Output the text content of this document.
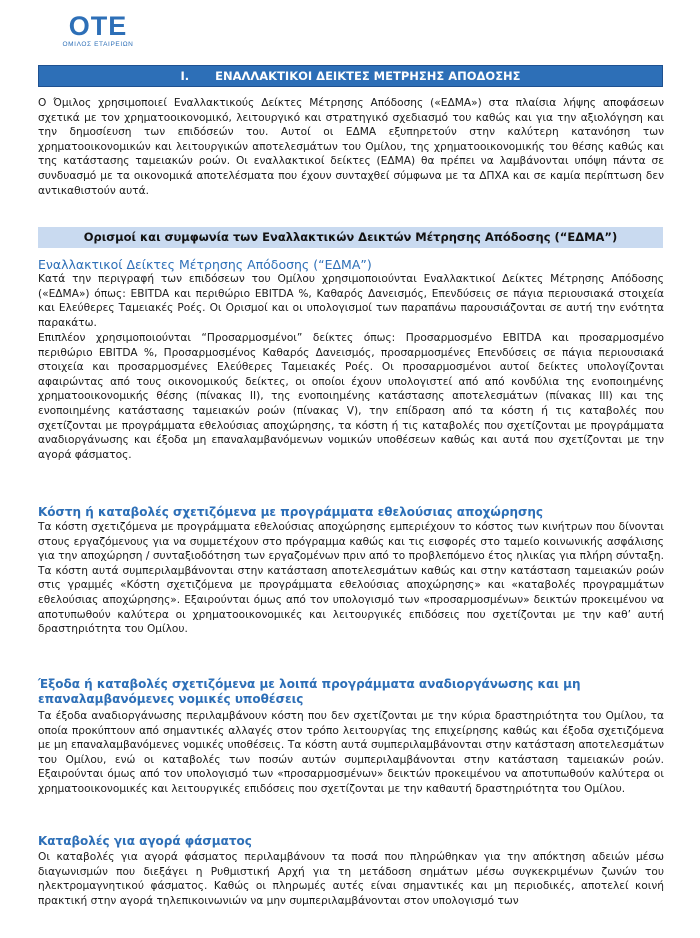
ΟΤΕ
ΟΜΙΛΟΣ ΕΤΑΙΡΕΙΩΝ
I. ΕΝΑΛΛΑΚΤΙΚΟΙ ΔΕΙΚΤΕΣ ΜΕΤΡΗΣΗΣ ΑΠΟΔΟΣΗΣ

Ο Όμιλος χρησιμοποιεί Εναλλακτικούς Δείκτες Μέτρησης Απόδοσης («ΕΔΜΑ») στα πλαίσια λήψης αποφάσεων σχετικά με τον χρηματοοικονομικό, λειτουργικό και στρατηγικό σχεδιασμό του καθώς και για την αξιολόγηση και την δημοσίευση των επιδόσεών του. Αυτοί οι ΕΔΜΑ εξυπηρετούν στην καλύτερη κατανόηση των χρηματοοικονομικών και λειτουργικών αποτελεσμάτων του Ομίλου, της χρηματοοικονομικής του θέσης καθώς και της κατάστασης ταμειακών ροών. Οι εναλλακτικοί δείκτες (ΕΔΜΑ) θα πρέπει να λαμβάνονται υπόψη πάντα σε συνδυασμό με τα οικονομικά αποτελέσματα που έχουν συνταχθεί σύμφωνα με τα ΔΠΧΑ και σε καμία περίπτωση δεν αντικαθιστούν αυτά.

Ορισμοί και συμφωνία των Εναλλακτικών Δεικτών Μέτρησης Απόδοσης (“ΕΔΜΑ”)

Εναλλακτικοί Δείκτες Μέτρησης Απόδοσης (“ΕΔΜΑ”)

Κατά την περιγραφή των επιδόσεων του Ομίλου χρησιμοποιούνται Εναλλακτικοί Δείκτες Μέτρησης Απόδοσης («ΕΔΜΑ») όπως: EBITDA και περιθώριο EBITDA %, Καθαρός Δανεισμός, Επενδύσεις σε πάγια περιουσιακά στοιχεία και Ελεύθερες Ταμειακές Ροές. Οι Ορισμοί και οι υπολογισμοί των παραπάνω παρουσιάζονται σε αυτή την ενότητα παρακάτω.

Επιπλέον χρησιμοποιούνται “Προσαρμοσμένοι” δείκτες όπως: Προσαρμοσμένο EBITDA και προσαρμοσμένο περιθώριο EBITDA %, Προσαρμοσμένος Καθαρός Δανεισμός, προσαρμοσμένες Επενδύσεις σε πάγια περιουσιακά στοιχεία και προσαρμοσμένες Ελεύθερες Ταμειακές Ροές. Οι προσαρμοσμένοι αυτοί δείκτες υπολογίζονται αφαιρώντας από τους οικονομικούς δείκτες, οι οποίοι έχουν υπολογιστεί από από κονδύλια της ενοποιημένης χρηματοοικονομικής θέσης (πίνακας ΙΙ), της ενοποιημένης κατάστασης αποτελεσμάτων (πίνακας ΙΙΙ) και της ενοποιημένης κατάστασης ταμειακών ροών (πίνακας V), την επίδραση από τα κόστη ή τις καταβολές που σχετίζονται με προγράμματα εθελούσιας αποχώρησης, τα κόστη ή τις καταβολές που σχετίζονται με προγράμματα αναδιοργάνωσης και έξοδα μη επαναλαμβανόμενων νομικών υποθέσεων καθώς και αυτά που σχετίζονται με την αγορά φάσματος.

Κόστη ή καταβολές σχετιζόμενα με προγράμματα εθελούσιας αποχώρησης

Τα κόστη σχετιζόμενα με προγράμματα εθελούσιας αποχώρησης εμπεριέχουν το κόστος των κινήτρων που δίνονται στους εργαζόμενους για να συμμετέχουν στο πρόγραμμα καθώς και τις εισφορές στο ταμείο κοινωνικής ασφάλισης για την αποχώρηση / συνταξιοδότηση των εργαζομένων πριν από το προβλεπόμενο έτος ηλικίας για πλήρη σύνταξη. Τα κόστη αυτά συμπεριλαμβάνονται στην κατάσταση αποτελεσμάτων καθώς και στην κατάσταση ταμειακών ροών στις γραμμές «Κόστη σχετιζόμενα με προγράμματα εθελούσιας αποχώρησης» και «καταβολές προγραμμάτων εθελούσιας αποχώρησης». Εξαιρούνται όμως από τον υπολογισμό των «προσαρμοσμένων» δεικτών προκειμένου να αποτυπωθούν καλύτερα οι χρηματοοικονομικές και λειτουργικές επιδόσεις που σχετίζονται με την καθ’ αυτή δραστηριότητα του Ομίλου.

Έξοδα ή καταβολές σχετιζόμενα με λοιπά προγράμματα αναδιοργάνωσης και μη επαναλαμβανόμενες νομικές υποθέσεις

Τα έξοδα αναδιοργάνωσης περιλαμβάνουν κόστη που δεν σχετίζονται με την κύρια δραστηριότητα του Ομίλου, τα οποία προκύπτουν από σημαντικές αλλαγές στον τρόπο λειτουργίας της επιχείρησης καθώς και έξοδα σχετιζόμενα με μη επαναλαμβανόμενες νομικές υποθέσεις. Τα κόστη αυτά συμπεριλαμβάνονται στην κατάσταση αποτελεσμάτων του Ομίλου, ενώ οι καταβολές των ποσών αυτών συμπεριλαμβάνονται στην κατάσταση ταμειακών ροών. Εξαιρούνται όμως από τον υπολογισμό των «προσαρμοσμένων» δεικτών προκειμένου να αποτυπωθούν καλύτερα οι χρηματοοικονομικές και λειτουργικές επιδόσεις που σχετίζονται με την καθαυτή δραστηριότητα του Ομίλου.

Καταβολές για αγορά φάσματος

Οι καταβολές για αγορά φάσματος περιλαμβάνουν τα ποσά που πληρώθηκαν για την απόκτηση αδειών μέσω διαγωνισμών που διεξάγει η Ρυθμιστική Αρχή για τη μετάδοση σημάτων μέσω συγκεκριμένων ζωνών του ηλεκτρομαγνητικού φάσματος. Καθώς οι πληρωμές αυτές είναι σημαντικές και μη περιοδικές, αποτελεί κοινή πρακτική στην αγορά τηλεπικοινωνιών να μην συμπεριλαμβάνονται στον υπολογισμό των
